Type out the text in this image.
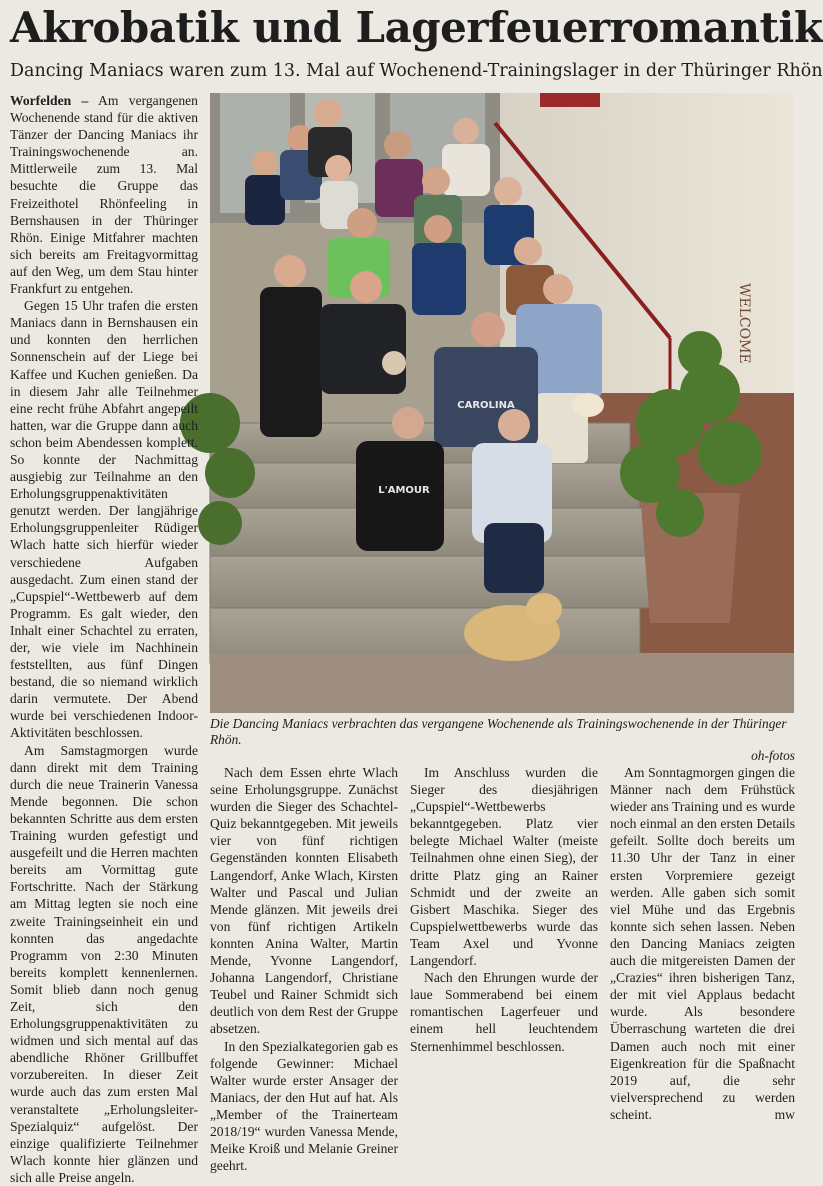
Akrobatik und Lagerfeuerromantik
Dancing Maniacs waren zum 13. Mal auf Wochenend-Trainingslager in der Thüringer Rhön
WELCOME
CAROLINA
L'AMOUR
Die Dancing Maniacs verbrachten das vergangene Wochenende als Trainingswochenende in der Thüringer Rhön.
oh-fotos

Worfelden – Am vergangenen Wochenende stand für die aktiven Tänzer der Dancing Maniacs ihr Trainingswochenende an. Mittlerweile zum 13. Mal besuchte die Gruppe das Freizeithotel Rhönfeeling in Bernshausen in der Thüringer Rhön. Einige Mitfahrer machten sich bereits am Freitagvormittag auf den Weg, um dem Stau hinter Frankfurt zu entgehen.

Gegen 15 Uhr trafen die ersten Maniacs dann in Bernshausen ein und konnten den herrlichen Sonnenschein auf der Liege bei Kaffee und Kuchen genießen. Da in diesem Jahr alle Teilnehmer eine recht frühe Abfahrt angepeilt hatten, war die Gruppe dann auch schon beim Abendessen komplett. So konnte der Nachmittag ausgiebig zur Teilnahme an den Erholungsgruppenaktivitäten genutzt werden. Der langjährige Erholungsgruppenleiter Rüdiger Wlach hatte sich hierfür wieder verschiedene Aufgaben ausgedacht. Zum einen stand der „Cupspiel“-Wettbewerb auf dem Programm. Es galt wieder, den Inhalt einer Schachtel zu erraten, der, wie viele im Nachhinein feststellten, aus fünf Dingen bestand, die so niemand wirklich darin vermutete. Der Abend wurde bei verschiedenen Indoor-Aktivitäten beschlossen.

Am Samstagmorgen wurde dann direkt mit dem Training durch die neue Trainerin Vanessa Mende begonnen. Die schon bekannten Schritte aus dem ersten Training wurden gefestigt und ausgefeilt und die Herren machten bereits am Vormittag gute Fortschritte. Nach der Stärkung am Mittag legten sie noch eine zweite Trainingseinheit ein und konnten das angedachte Programm von 2:30 Minuten bereits komplett kennenlernen. Somit blieb dann noch genug Zeit, sich den Erholungsgruppenaktivitäten zu widmen und sich mental auf das abendliche Rhöner Grillbuffet vorzubereiten. In dieser Zeit wurde auch das zum ersten Mal veranstaltete „Erholungsleiter-Spezialquiz“ aufgelöst. Der einzige qualifizierte Teilnehmer Wlach konnte hier glänzen und sich alle Preise angeln.

Nach dem Essen ehrte Wlach seine Erholungsgruppe. Zunächst wurden die Sieger des Schachtel-Quiz bekanntgegeben. Mit jeweils vier von fünf richtigen Gegenständen konnten Elisabeth Langendorf, Anke Wlach, Kirsten Walter und Pascal und Julian Mende glänzen. Mit jeweils drei von fünf richtigen Artikeln konnten Anina Walter, Martin Mende, Yvonne Langendorf, Johanna Langendorf, Christiane Teubel und Rainer Schmidt sich deutlich von dem Rest der Gruppe absetzen.

In den Spezialkategorien gab es folgende Gewinner: Michael Walter wurde erster Ansager der Maniacs, der den Hut auf hat. Als „Member of the Trainerteam 2018/19“ wurden Vanessa Mende, Meike Kroiß und Melanie Greiner geehrt.

Im Anschluss wurden die Sieger des diesjährigen „Cupspiel“-Wettbewerbs bekanntgegeben. Platz vier belegte Michael Walter (meiste Teilnahmen ohne einen Sieg), der dritte Platz ging an Rainer Schmidt und der zweite an Gisbert Maschika. Sieger des Cupspielwettbewerbs wurde das Team Axel und Yvonne Langendorf.

Nach den Ehrungen wurde der laue Sommerabend bei einem romantischen Lagerfeuer und einem hell leuchtendem Sternenhimmel beschlossen.

Am Sonntagmorgen gingen die Männer nach dem Frühstück wieder ans Training und es wurde noch einmal an den ersten Details gefeilt. Sollte doch bereits um 11.30 Uhr der Tanz in einer ersten Vorpremiere gezeigt werden. Alle gaben sich somit viel Mühe und das Ergebnis konnte sich sehen lassen. Neben den Dancing Maniacs zeigten auch die mitgereisten Damen der „Crazies“ ihren bisherigen Tanz, der mit viel Applaus bedacht wurde. Als besondere Überraschung warteten die drei Damen auch noch mit einer Eigenkreation für die Spaßnacht 2019 auf, die sehr vielversprechend zu werden scheint.	mw
